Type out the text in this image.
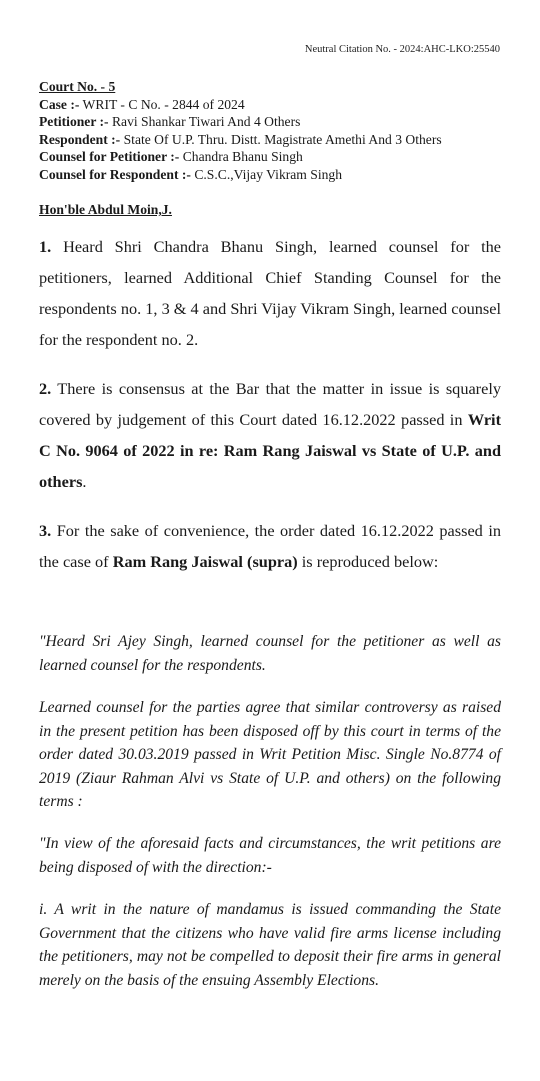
Neutral Citation No. - 2024:AHC-LKO:25540
Court No. - 5
Case :- WRIT - C No. - 2844 of 2024
Petitioner :- Ravi Shankar Tiwari And 4 Others
Respondent :- State Of U.P. Thru. Distt. Magistrate Amethi And 3 Others
Counsel for Petitioner :- Chandra Bhanu Singh
Counsel for Respondent :- C.S.C.,Vijay Vikram Singh
Hon'ble Abdul Moin,J.
1. Heard Shri Chandra Bhanu Singh, learned counsel for the petitioners, learned Additional Chief Standing Counsel for the respondents no. 1, 3 & 4 and Shri Vijay Vikram Singh, learned counsel for the respondent no. 2.
2. There is consensus at the Bar that the matter in issue is squarely covered by judgement of this Court dated 16.12.2022 passed in Writ C No. 9064 of 2022 in re: Ram Rang Jaiswal vs State of U.P. and others.
3. For the sake of convenience, the order dated 16.12.2022 passed in the case of Ram Rang Jaiswal (supra) is reproduced below:
"Heard Sri Ajey Singh, learned counsel for the petitioner as well as learned counsel for the respondents.
Learned counsel for the parties agree that similar controversy as raised in the present petition has been disposed off by this court in terms of the order dated 30.03.2019 passed in Writ Petition Misc. Single No.8774 of 2019 (Ziaur Rahman Alvi vs State of U.P. and others) on the following terms :
"In view of the aforesaid facts and circumstances, the writ petitions are being disposed of with the direction:-
i. A writ in the nature of mandamus is issued commanding the State Government that the citizens who have valid fire arms license including the petitioners, may not be compelled to deposit their fire arms in general merely on the basis of the ensuing Assembly Elections.
